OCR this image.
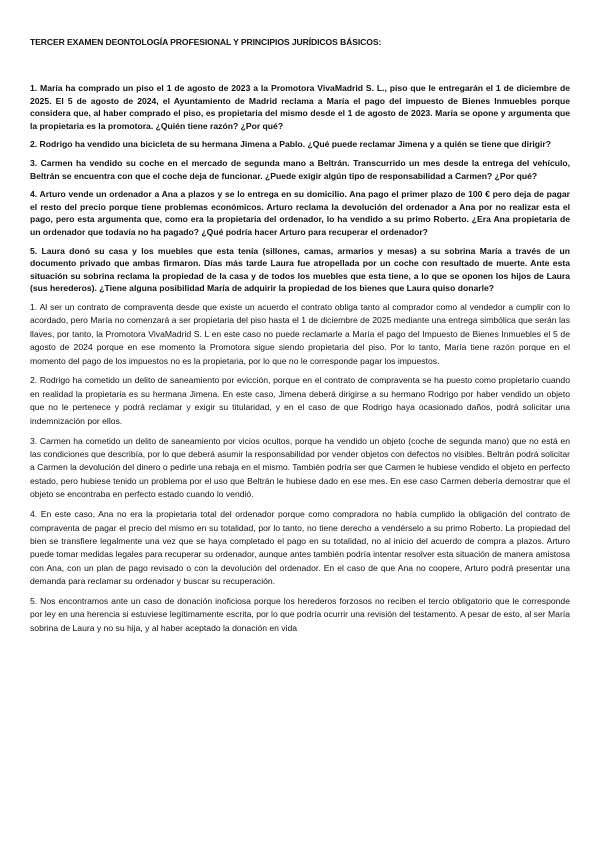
TERCER EXAMEN DEONTOLOGÍA PROFESIONAL Y PRINCIPIOS JURÍDICOS BÁSICOS:

1. María ha comprado un piso el 1 de agosto de 2023 a la Promotora VivaMadrid S. L., piso que le entregarán el 1 de diciembre de 2025. El 5 de agosto de 2024, el Ayuntamiento de Madrid reclama a María el pago del impuesto de Bienes Inmuebles porque considera que, al haber comprado el piso, es propietaria del mismo desde el 1 de agosto de 2023. María se opone y argumenta que la propietaria es la promotora. ¿Quién tiene razón? ¿Por qué?

2. Rodrigo ha vendido una bicicleta de su hermana Jimena a Pablo. ¿Qué puede reclamar Jimena y a quién se tiene que dirigir?

3. Carmen ha vendido su coche en el mercado de segunda mano a Beltrán. Transcurrido un mes desde la entrega del vehículo, Beltrán se encuentra con que el coche deja de funcionar. ¿Puede exigir algún tipo de responsabilidad a Carmen? ¿Por qué?

4. Arturo vende un ordenador a Ana a plazos y se lo entrega en su domicilio. Ana pago el primer plazo de 100 € pero deja de pagar el resto del precio porque tiene problemas económicos. Arturo reclama la devolución del ordenador a Ana por no realizar esta el pago, pero esta argumenta que, como era la propietaria del ordenador, lo ha vendido a su primo Roberto. ¿Era Ana propietaria de un ordenador que todavía no ha pagado? ¿Qué podría hacer Arturo para recuperar el ordenador?

5. Laura donó su casa y los muebles que esta tenía (sillones, camas, armarios y mesas) a su sobrina María a través de un documento privado que ambas firmaron. Días más tarde Laura fue atropellada por un coche con resultado de muerte. Ante esta situación su sobrina reclama la propiedad de la casa y de todos los muebles que esta tiene, a lo que se oponen los hijos de Laura (sus herederos). ¿Tiene alguna posibilidad María de adquirir la propiedad de los bienes que Laura quiso donarle?

1. Al ser un contrato de compraventa desde que existe un acuerdo el contrato obliga tanto al comprador como al vendedor a cumplir con lo acordado, pero María no comenzará a ser propietaria del piso hasta el 1 de diciembre de 2025 mediante una entrega simbólica que serán las llaves, por tanto, la Promotora VivaMadrid S. L en este caso no puede reclamarle a María el pago del Impuesto de Bienes Inmuebles el 5 de agosto de 2024 porque en ese momento la Promotora sigue siendo propietaria del piso. Por lo tanto, María tiene razón porque en el momento del pago de los impuestos no es la propietaria, por lo que no le corresponde pagar los impuestos.

2. Rodrigo ha cometido un delito de saneamiento por evicción, porque en el contrato de compraventa se ha puesto como propietario cuando en realidad la propietaria es su hermana Jimena. En este caso, Jimena deberá dirigirse a su hermano Rodrigo por haber vendido un objeto que no le pertenece y podrá reclamar y exigir su titularidad, y en el caso de que Rodrigo haya ocasionado daños, podrá solicitar una indemnización por ellos.

3. Carmen ha cometido un delito de saneamiento por vicios ocultos, porque ha vendido un objeto (coche de segunda mano) que no está en las condiciones que describía, por lo que deberá asumir la responsabilidad por vender objetos con defectos no visibles. Beltrán podrá solicitar a Carmen la devolución del dinero o pedirle una rebaja en el mismo. También podría ser que Carmen le hubiese vendido el objeto en perfecto estado, pero hubiese tenido un problema por el uso que Beltrán le hubiese dado en ese mes. En ese caso Carmen debería demostrar que el objeto se encontraba en perfecto estado cuando lo vendió.

4. En este caso, Ana no era la propietaria total del ordenador porque como compradora no había cumplido la obligación del contrato de compraventa de pagar el precio del mismo en su totalidad, por lo tanto, no tiene derecho a vendérselo a su primo Roberto. La propiedad del bien se transfiere legalmente una vez que se haya completado el pago en su totalidad, no al inicio del acuerdo de compra a plazos. Arturo puede tomar medidas legales para recuperar su ordenador, aunque antes también podría intentar resolver esta situación de manera amistosa con Ana, con un plan de pago revisado o con la devolución del ordenador. En el caso de que Ana no coopere, Arturo podrá presentar una demanda para reclamar su ordenador y buscar su recuperación.

5. Nos encontramos ante un caso de donación inoficiosa porque los herederos forzosos no reciben el tercio obligatorio que le corresponde por ley en una herencia si estuviese legítimamente escrita, por lo que podría ocurrir una revisión del testamento. A pesar de esto, al ser María sobrina de Laura y no su hija, y al haber aceptado la donación en vida
